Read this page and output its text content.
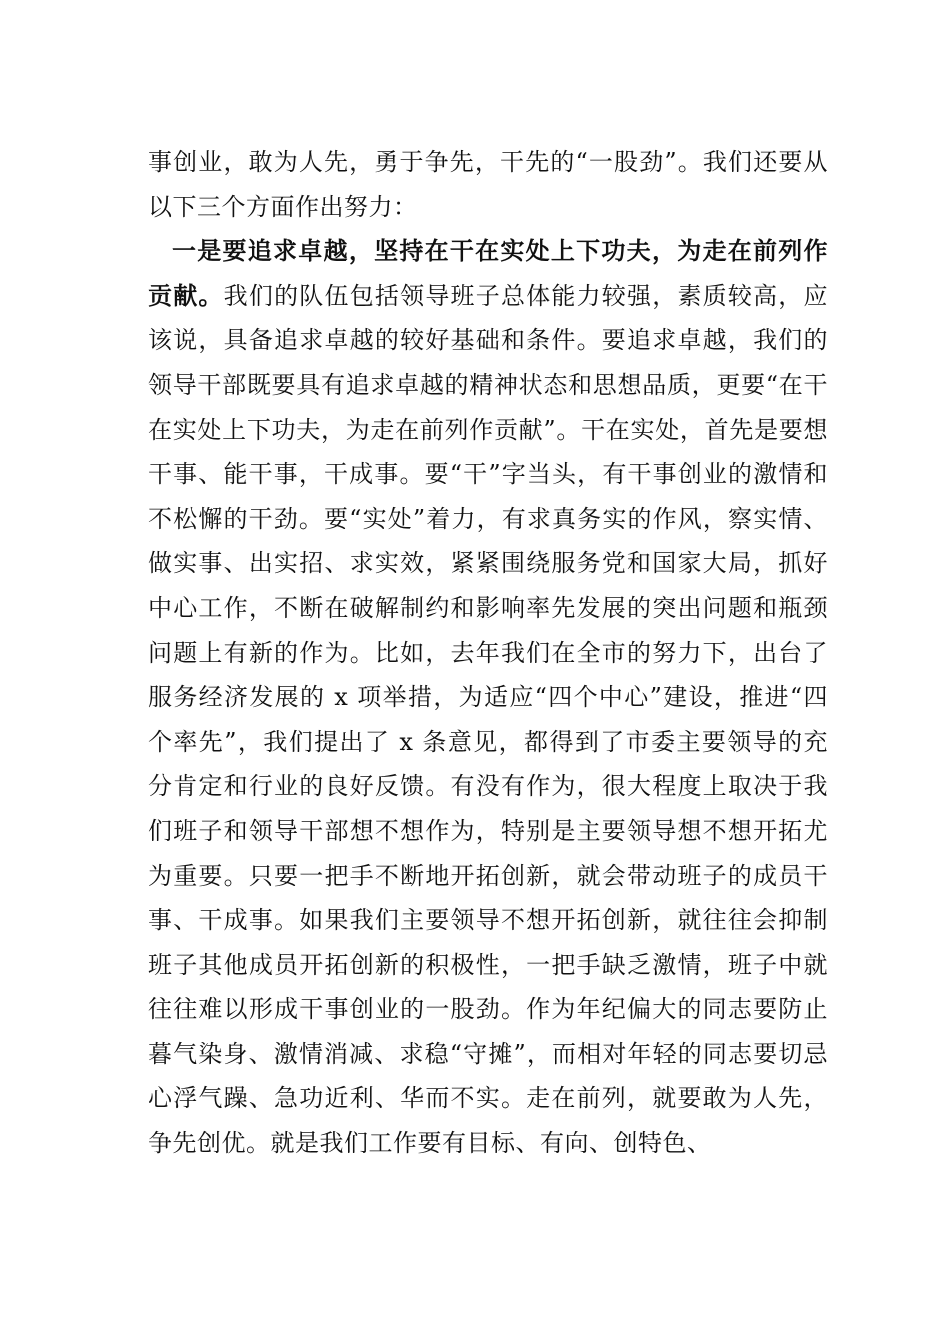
事创业，敢为人先，勇于争先，干先的“一股劲”。我们还要从以下三个方面作出努力：

一是要追求卓越，坚持在干在实处上下功夫，为走在前列作贡献。我们的队伍包括领导班子总体能力较强，素质较高，应该说，具备追求卓越的较好基础和条件。要追求卓越，我们的领导干部既要具有追求卓越的精神状态和思想品质，更要“在干在实处上下功夫，为走在前列作贡献”。干在实处，首先是要想干事、能干事，干成事。要“干”字当头，有干事创业的激情和不松懈的干劲。要“实处”着力，有求真务实的作风，察实情、做实事、出实招、求实效，紧紧围绕服务党和国家大局，抓好中心工作，不断在破解制约和影响率先发展的突出问题和瓶颈问题上有新的作为。比如，去年我们在全市的努力下，出台了服务经济发展的 x 项举措，为适应“四个中心”建设，推进“四个率先”，我们提出了 x 条意见，都得到了市委主要领导的充分肯定和行业的良好反馈。有没有作为，很大程度上取决于我们班子和领导干部想不想作为，特别是主要领导想不想开拓尤为重要。只要一把手不断地开拓创新，就会带动班子的成员干事、干成事。如果我们主要领导不想开拓创新，就往往会抑制班子其他成员开拓创新的积极性，一把手缺乏激情，班子中就往往难以形成干事创业的一股劲。作为年纪偏大的同志要防止暮气染身、激情消减、求稳“守摊”，而相对年轻的同志要切忌心浮气躁、急功近利、华而不实。走在前列，就要敢为人先，争先创优。就是我们工作要有目标、有向、创特色、
